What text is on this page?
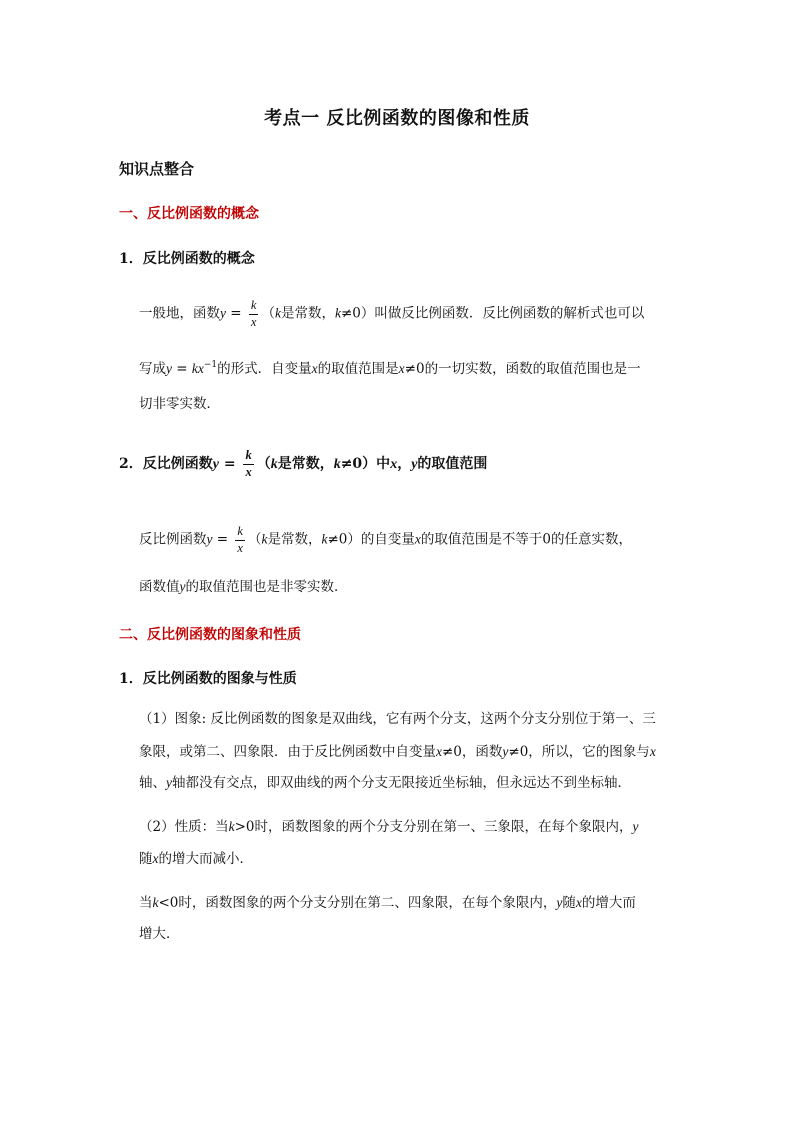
考点一 反比例函数的图像和性质
知识点整合
一、反比例函数的概念
1．反比例函数的概念
一般地，函数$y = \frac{k}{x} (k$是常数，k≠0）叫做反比例函数．反比例函数的解析式也可以
写成$y = kx^{-1}$的形式．自变量x的取值范围是x≠0的一切实数，函数的取值范围也是一
切非零实数．
2．反比例函数$y = \frac{k}{x} (k$是常数，k≠0）中x，y的取值范围
反比例函数$y = \frac{k}{x} (k$是常数，k≠0）的自变量x的取值范围是不等于0的任意实数，
函数值y的取值范围也是非零实数．
二、反比例函数的图象和性质
1．反比例函数的图象与性质
（1）图象: 反比例函数的图象是双曲线，它有两个分支，这两个分支分别位于第一、三
象限，或第二、四象限．由于反比例函数中自变量x≠0，函数y≠0，所以，它的图象与x
轴、y轴都没有交点，即双曲线的两个分支无限接近坐标轴，但永远达不到坐标轴．
（2）性质：当k>0时，函数图象的两个分支分别在第一、三象限，在每个象限内，y
随x的增大而减小．
当k<0时，函数图象的两个分支分别在第二、四象限，在每个象限内，y随x的增大而
增大．
